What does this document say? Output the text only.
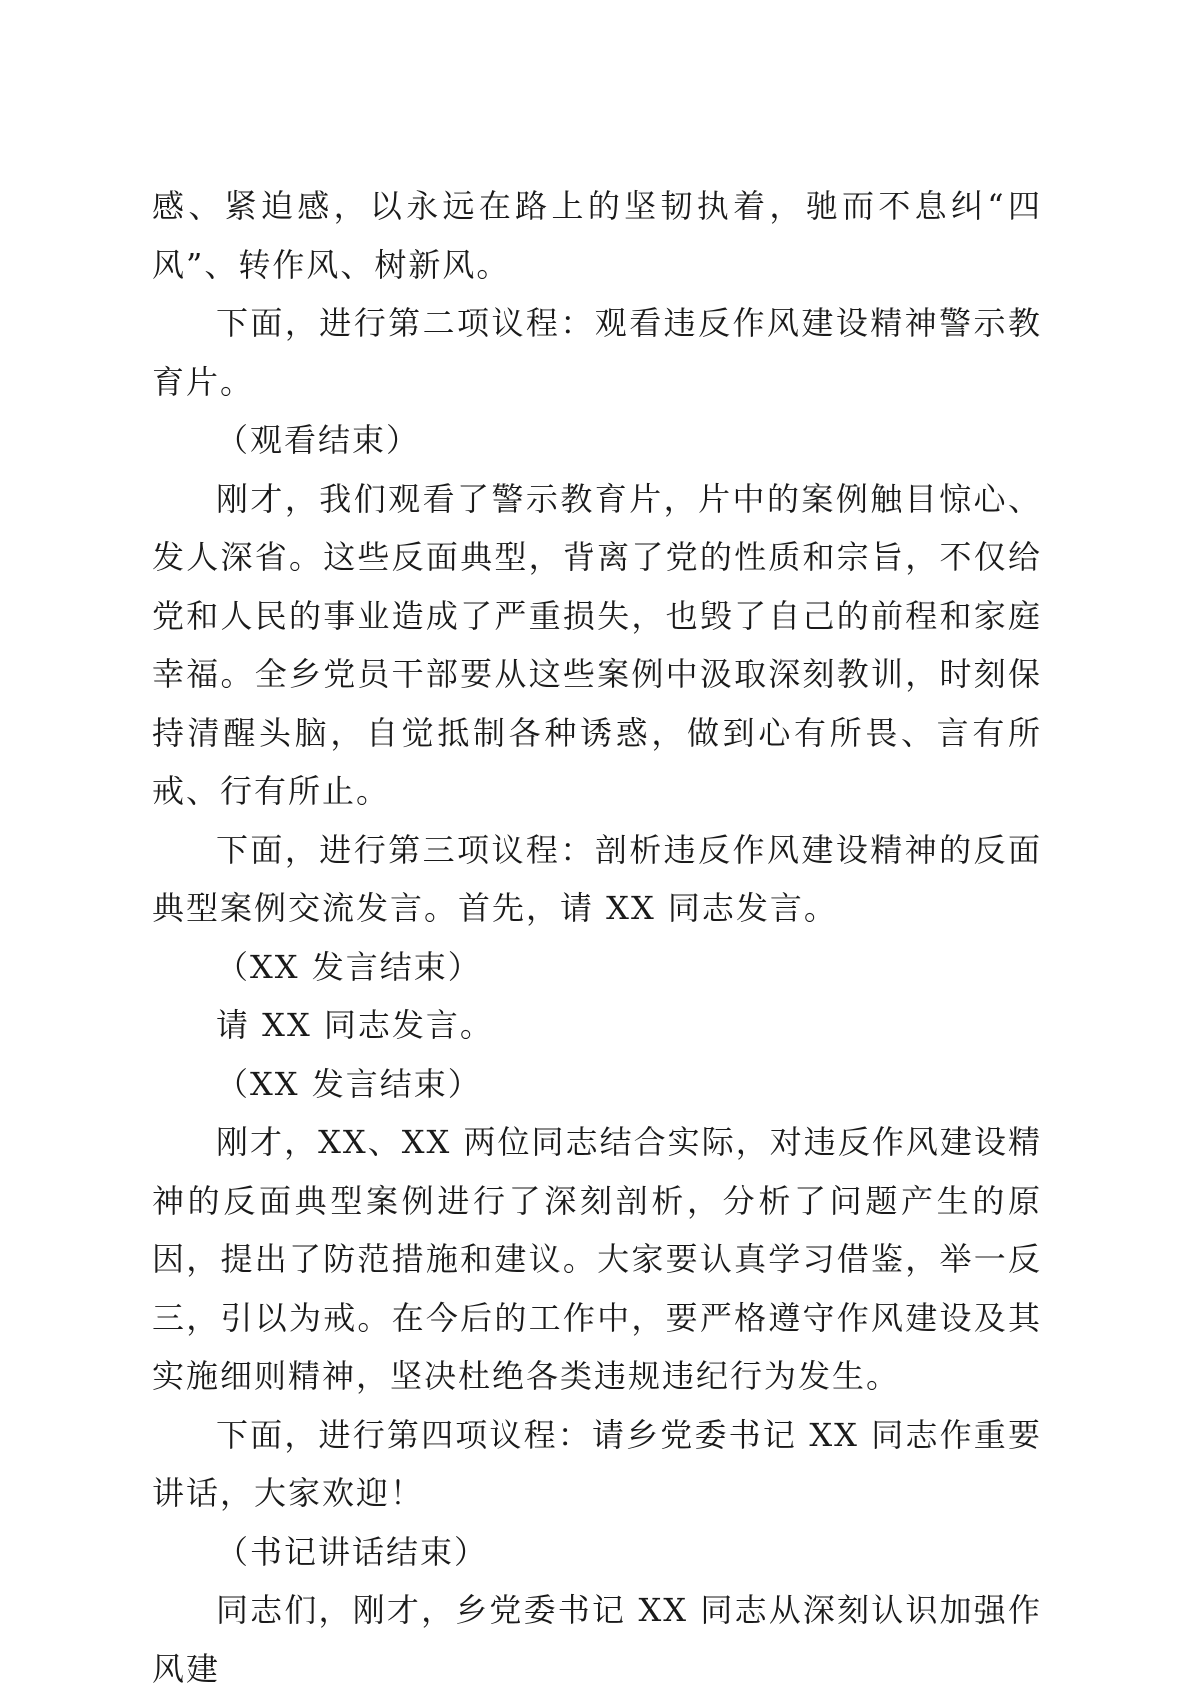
感、紧迫感，以永远在路上的坚韧执着，驰而不息纠“四风”、转作风、树新风。

下面，进行第二项议程：观看违反作风建设精神警示教育片。

（观看结束）

刚才，我们观看了警示教育片，片中的案例触目惊心、发人深省。这些反面典型，背离了党的性质和宗旨，不仅给党和人民的事业造成了严重损失，也毁了自己的前程和家庭幸福。全乡党员干部要从这些案例中汲取深刻教训，时刻保持清醒头脑，自觉抵制各种诱惑，做到心有所畏、言有所戒、行有所止。

下面，进行第三项议程：剖析违反作风建设精神的反面典型案例交流发言。首先，请 XX 同志发言。

（XX 发言结束）

请 XX 同志发言。

（XX 发言结束）

刚才，XX、XX 两位同志结合实际，对违反作风建设精神的反面典型案例进行了深刻剖析，分析了问题产生的原因，提出了防范措施和建议。大家要认真学习借鉴，举一反三，引以为戒。在今后的工作中，要严格遵守作风建设及其实施细则精神，坚决杜绝各类违规违纪行为发生。

下面，进行第四项议程：请乡党委书记 XX 同志作重要讲话，大家欢迎！

（书记讲话结束）

同志们，刚才，乡党委书记 XX 同志从深刻认识加强作风建
